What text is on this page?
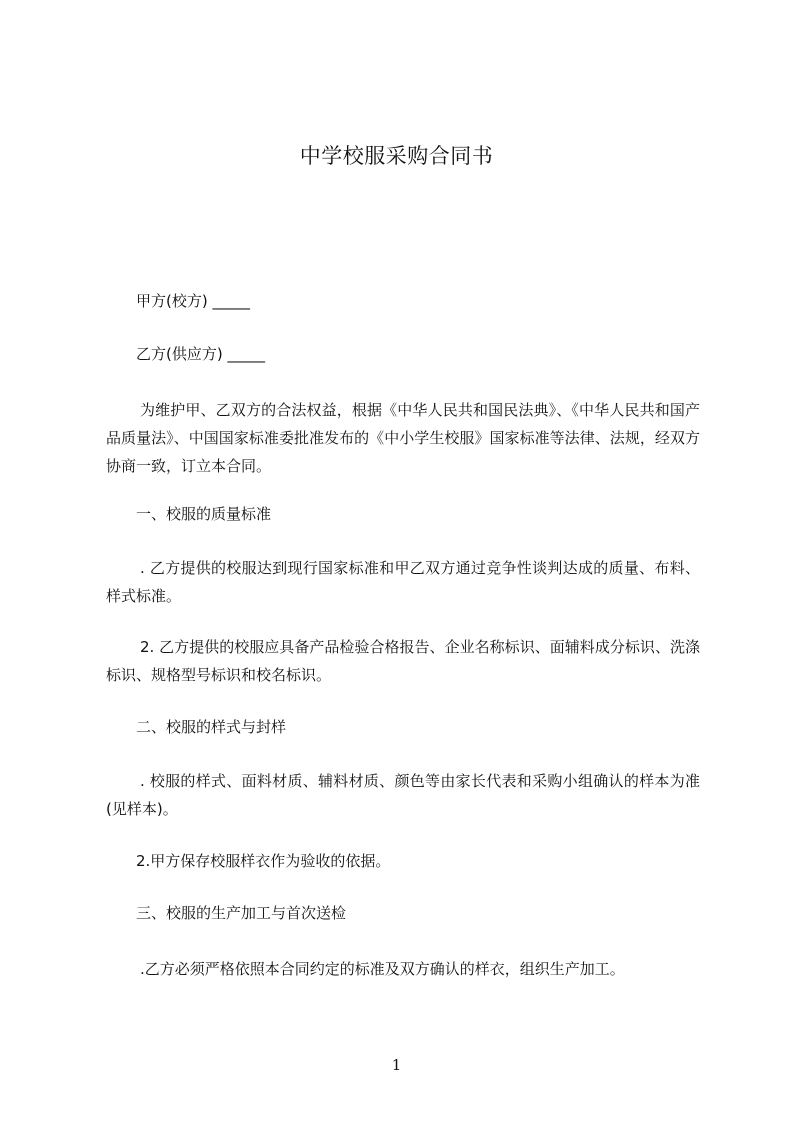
中学校服采购合同书
甲方(校方) _____
乙方(供应方) _____
为维护甲、乙双方的合法权益，根据《中华人民共和国民法典》、《中华人民共和国产品质量法》、中国国家标准委批准发布的《中小学生校服》国家标准等法律、法规，经双方协商一致，订立本合同。
一、校服的质量标准
. 乙方提供的校服达到现行国家标准和甲乙双方通过竞争性谈判达成的质量、布料、样式标准。
2. 乙方提供的校服应具备产品检验合格报告、企业名称标识、面辅料成分标识、洗涤标识、规格型号标识和校名标识。
二、校服的样式与封样
. 校服的样式、面料材质、辅料材质、颜色等由家长代表和采购小组确认的样本为准(见样本)。
2.甲方保存校服样衣作为验收的依据。
三、校服的生产加工与首次送检
.乙方必须严格依照本合同约定的标准及双方确认的样衣，组织生产加工。
1
